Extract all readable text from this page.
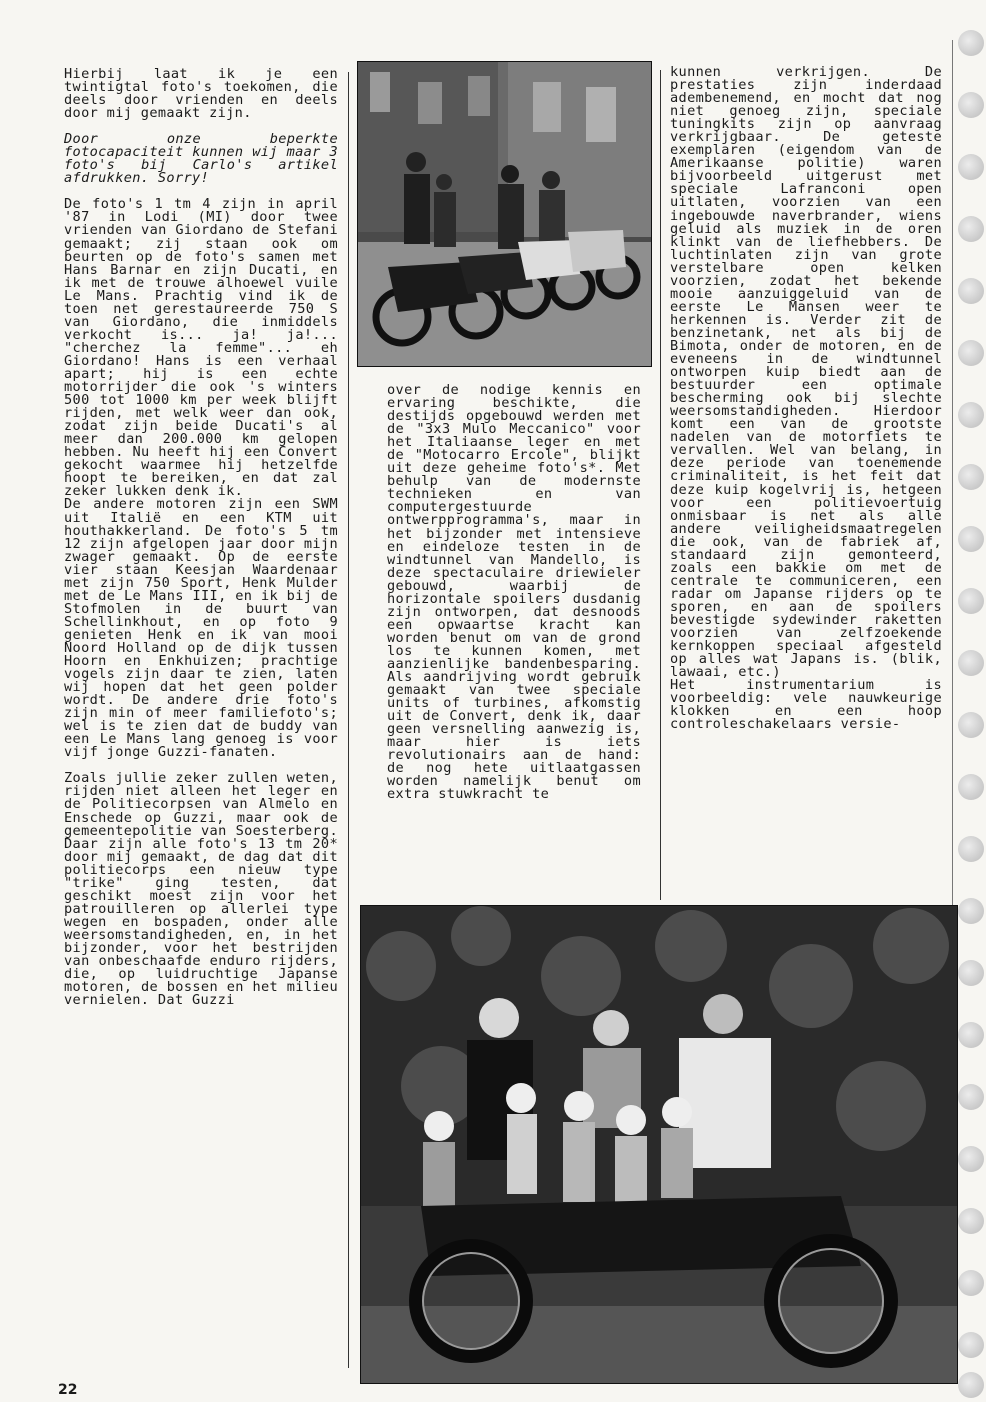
Hierbij laat ik je een twintigtal foto's toekomen, die deels door vrienden en deels door mij gemaakt zijn.

Door onze beperkte fotocapaciteit kunnen wij maar 3 foto's bij Carlo's artikel afdrukken. Sorry!

De foto's 1 tm 4 zijn in april '87 in Lodi (MI) door twee vrienden van Giordano de Stefani gemaakt; zij staan ook om beurten op de foto's samen met Hans Barnar en zijn Ducati, en ik met de trouwe alhoewel vuile Le Mans. Prachtig vind ik de toen net gerestaureerde 750 S van Giordano, die inmiddels verkocht is... ja! ja!... "cherchez la femme"... eh Giordano! Hans is een verhaal apart; hij is een echte motorrijder die ook 's winters 500 tot 1000 km per week blijft rijden, met welk weer dan ook, zodat zijn beide Ducati's al meer dan 200.000 km gelopen hebben. Nu heeft hij een Convert gekocht waarmee hij hetzelfde hoopt te bereiken, en dat zal zeker lukken denk ik.

De andere motoren zijn een SWM uit Italië en een KTM uit houthakkerland. De foto's 5 tm 12 zijn afgelopen jaar door mijn zwager gemaakt. Op de eerste vier staan Keesjan Waardenaar met zijn 750 Sport, Henk Mulder met de Le Mans III, en ik bij de Stofmolen in de buurt van Schellinkhout, en op foto 9 genieten Henk en ik van mooi Noord Holland op de dijk tussen Hoorn en Enkhuizen; prachtige vogels zijn daar te zien, laten wij hopen dat het geen polder wordt. De andere drie foto's zijn min of meer familiefoto's; wel is te zien dat de buddy van een Le Mans lang genoeg is voor vijf jonge Guzzi-fanaten.

Zoals jullie zeker zullen weten, rijden niet alleen het leger en de Politiecorpsen van Almelo en Enschede op Guzzi, maar ook de gemeentepolitie van Soesterberg. Daar zijn alle foto's 13 tm 20* door mij gemaakt, de dag dat dit politiecorps een nieuw type "trike" ging testen, dat geschikt moest zijn voor het patrouilleren op allerlei type wegen en bospaden, onder alle weersomstandigheden, en, in het bijzonder, voor het bestrijden van onbeschaafde enduro rijders, die, op luidruchtige Japanse motoren, de bossen en het milieu vernielen. Dat Guzzi

over de nodige kennis en ervaring beschikte, die destijds opgebouwd werden met de "3x3 Mulo Meccanico" voor het Italiaanse leger en met de "Motocarro Ercole", blijkt uit deze geheime foto's*. Met behulp van de modernste technieken en van computergestuurde ontwerpprogramma's, maar in het bijzonder met intensieve en eindeloze testen in de windtunnel van Mandello, is deze spectaculaire driewieler gebouwd, waarbij de horizontale spoilers dusdanig zijn ontworpen, dat desnoods een opwaartse kracht kan worden benut om van de grond los te kunnen komen, met aanzienlijke bandenbesparing. Als aandrijving wordt gebruik gemaakt van twee speciale units of turbines, afkomstig uit de Convert, denk ik, daar geen versnelling aanwezig is, maar hier is iets revolutionairs aan de hand: de nog hete uitlaatgassen worden namelijk benut om extra stuwkracht te

kunnen verkrijgen. De prestaties zijn inderdaad adembenemend, en mocht dat nog niet genoeg zijn, speciale tuningkits zijn op aanvraag verkrijgbaar. De geteste exemplaren (eigendom van de Amerikaanse politie) waren bijvoorbeeld uitgerust met speciale Lafranconi open uitlaten, voorzien van een ingebouwde naverbrander, wiens geluid als muziek in de oren klinkt van de liefhebbers. De luchtinlaten zijn van grote verstelbare open kelken voorzien, zodat het bekende mooie aanzuiggeluid van de eerste Le Mansen weer te herkennen is. Verder zit de benzinetank, net als bij de Bimota, onder de motoren, en de eveneens in de windtunnel ontworpen kuip biedt aan de bestuurder een optimale bescherming ook bij slechte weersomstandigheden. Hierdoor komt een van de grootste nadelen van de motorfiets te vervallen. Wel van belang, in deze periode van toenemende criminaliteit, is het feit dat deze kuip kogelvrij is, hetgeen voor een politievoertuig onmisbaar is net als alle andere veiligheidsmaatregelen die ook, van de fabriek af, standaard zijn gemonteerd, zoals een bakkie om met de centrale te communiceren, een radar om Japanse rijders op te sporen, en aan de spoilers bevestigde sydewinder raketten voorzien van zelfzoekende kernkoppen speciaal afgesteld op alles wat Japans is. (blik, lawaai, etc.)

Het instrumentarium is voorbeeldig: vele nauwkeurige klokken en een hoop controleschakelaars versie-

22
